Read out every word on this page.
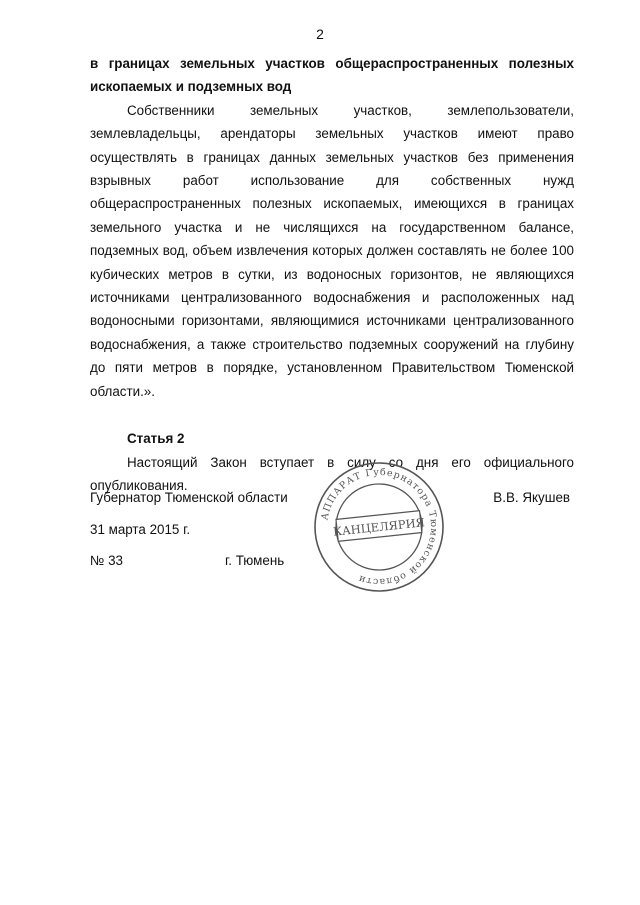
2

в границах земельных участков общераспространенных полезных ископаемых и подземных вод

Собственники земельных участков, землепользователи, землевладельцы, арендаторы земельных участков имеют право осуществлять в границах данных земельных участков без применения взрывных работ использование для собственных нужд общераспространенных полезных ископаемых, имеющихся в границах земельного участка и не числящихся на государственном балансе, подземных вод, объем извлечения которых должен составлять не более 100 кубических метров в сутки, из водоносных горизонтов, не являющихся источниками централизованного водоснабжения и расположенных над водоносными горизонтами, являющимися источниками централизованного водоснабжения, а также строительство подземных сооружений на глубину до пяти метров в порядке, установленном Правительством Тюменской области.».

Статья 2

Настоящий Закон вступает в силу со дня его официального опубликования.

Губернатор Тюменской области	В.В. Якушев
31 марта 2015 г.
№ 33	г. Тюмень
АППАРАТ Губернатора Тюменской области
КАНЦЕЛЯРИЯ
